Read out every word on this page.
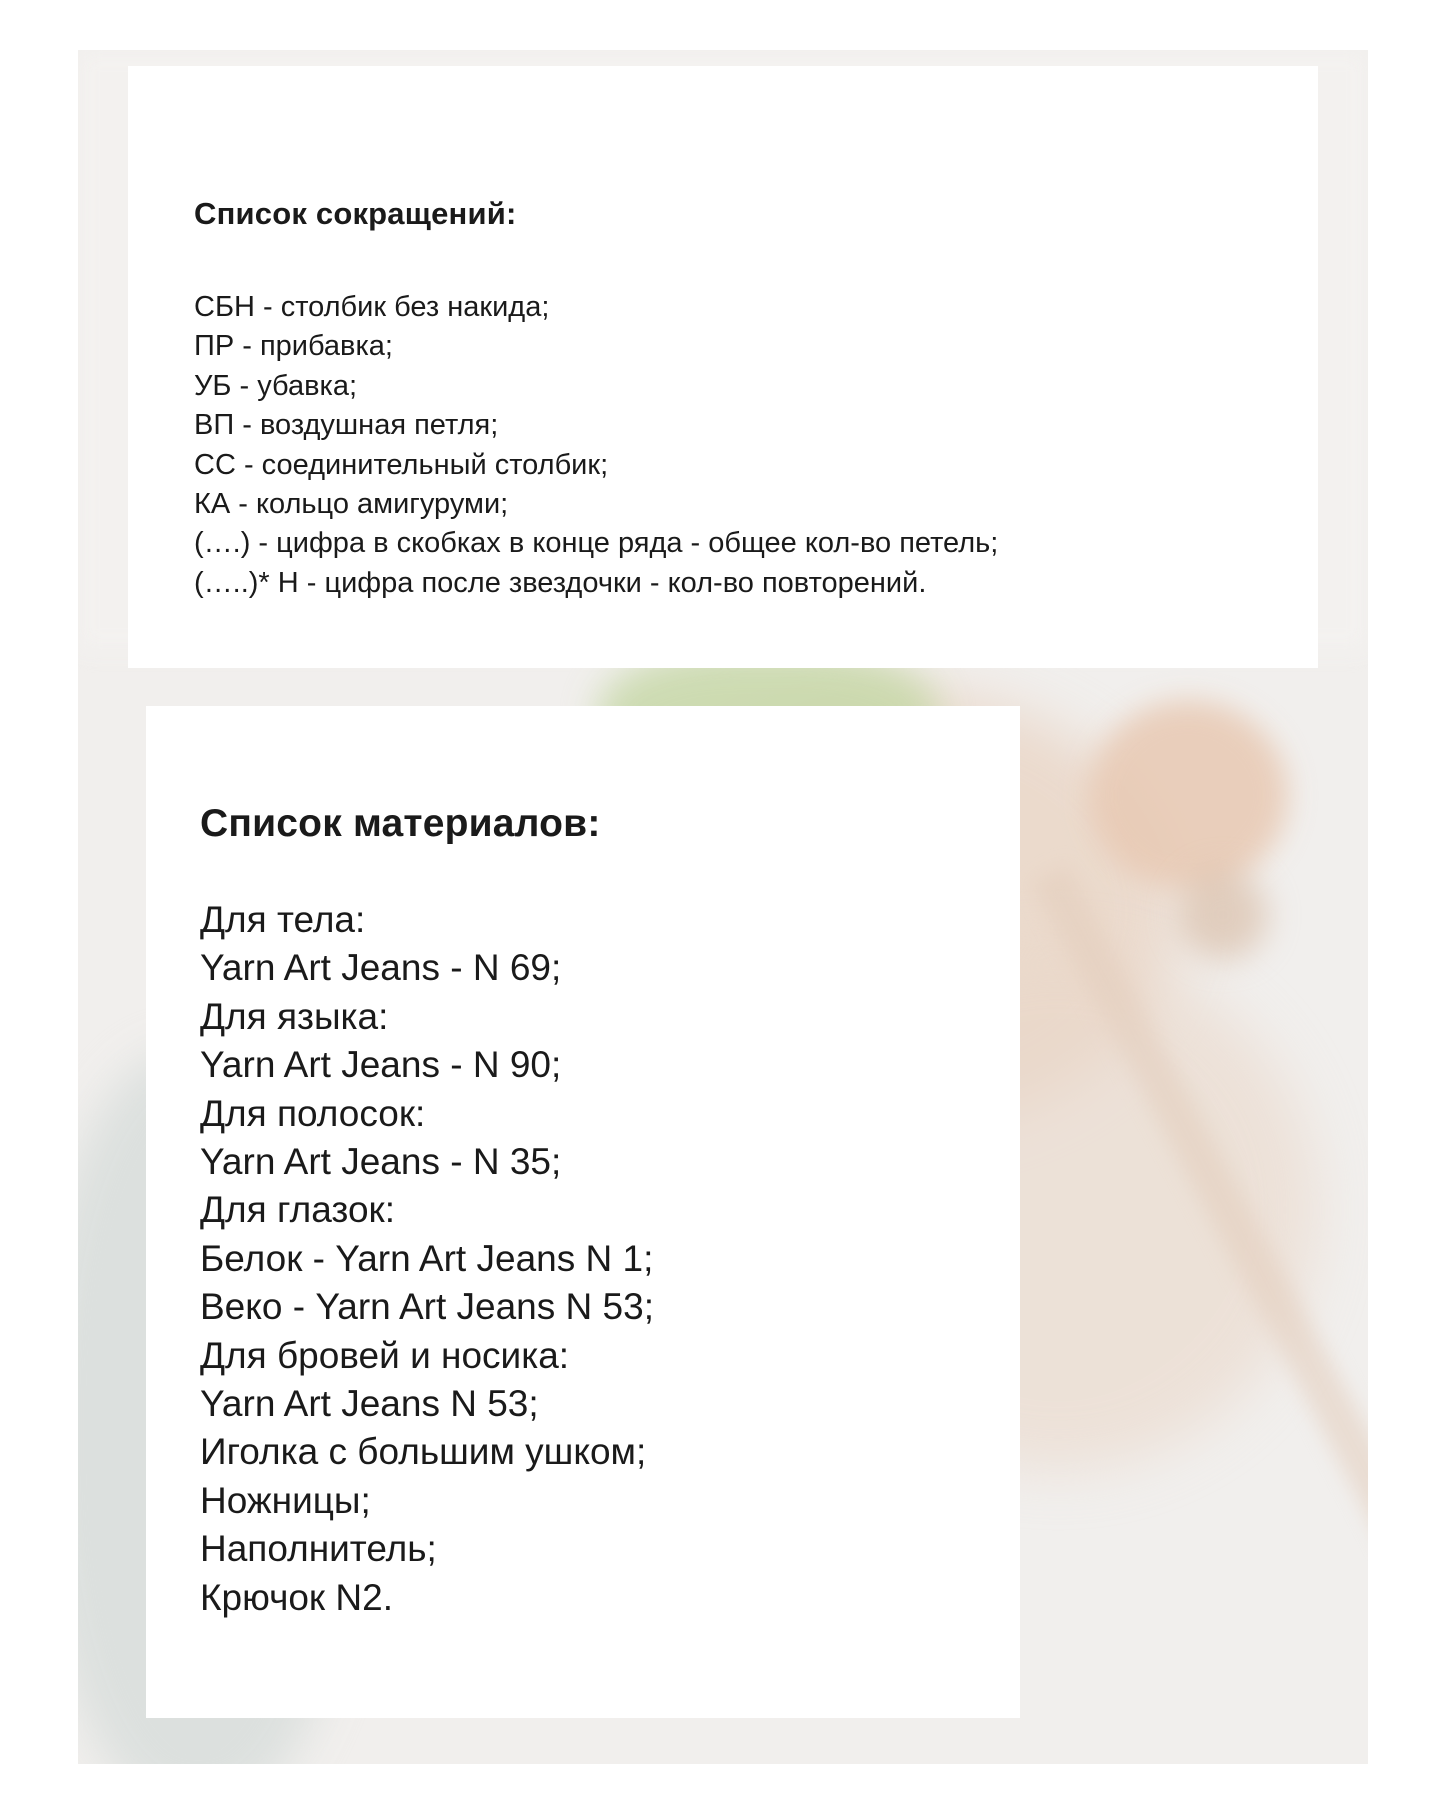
Список сокращений:
СБН - столбик без накида;
ПР - прибавка;
УБ - убавка;
ВП - воздушная петля;
СС - соединительный столбик;
КА - кольцо амигуруми;
(….) - цифра в скобках в конце ряда - общее кол-во петель;
(…..)* Н - цифра после звездочки - кол-во повторений.
Список материалов:
Для тела:
Yarn Art Jeans - N 69;
Для языка:
Yarn Art Jeans - N 90;
Для полосок:
Yarn Art Jeans - N 35;
Для глазок:
Белок - Yarn Art Jeans N 1;
Веко - Yarn Art Jeans N 53;
Для бровей и носика:
Yarn Art Jeans N 53;
Иголка с большим ушком;
Ножницы;
Наполнитель;
Крючок N2.
